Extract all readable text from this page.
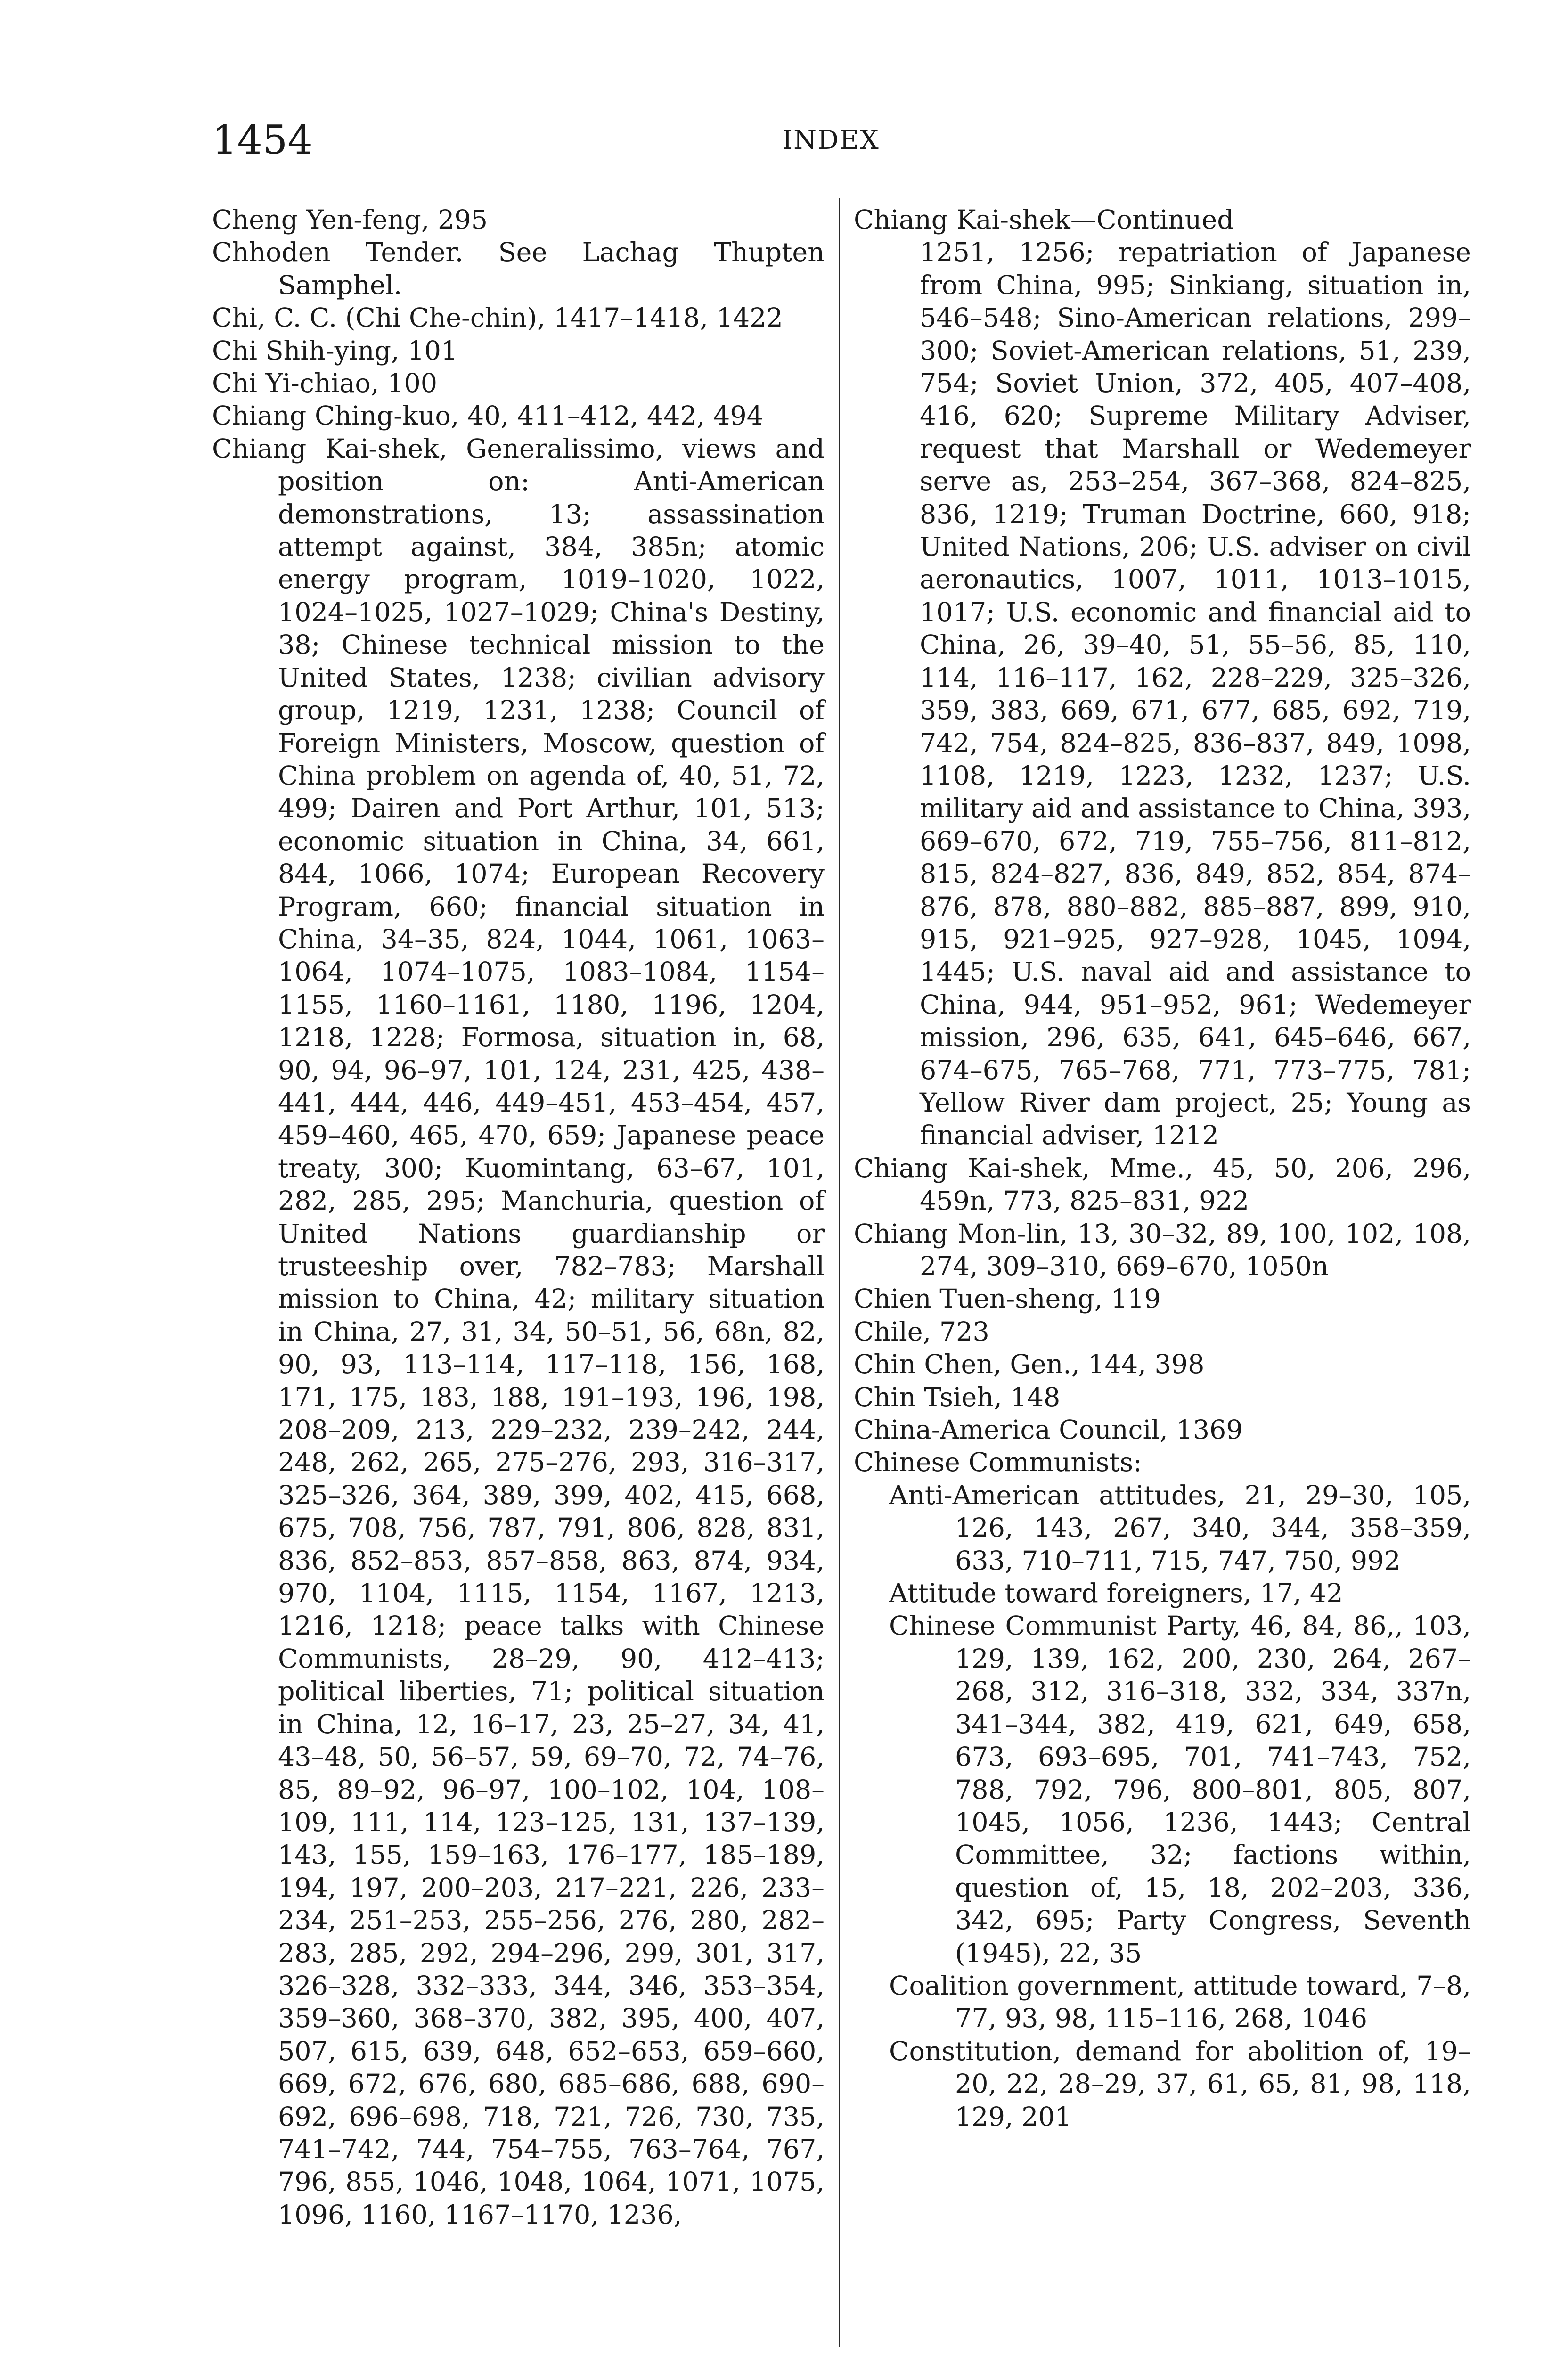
1454	INDEX

Cheng Yen-feng, 295

Chhoden Tender. See Lachag Thupten Samphel.

Chi, C. C. (Chi Che-chin), 1417–1418, 1422

Chi Shih-ying, 101

Chi Yi-chiao, 100

Chiang Ching-kuo, 40, 411–412, 442, 494

Chiang Kai-shek, Generalissimo, views and position on: Anti-American demonstrations, 13; assassination attempt against, 384, 385n; atomic energy program, 1019–1020, 1022, 1024–1025, 1027–1029; China's Destiny, 38; Chinese technical mission to the United States, 1238; civilian advisory group, 1219, 1231, 1238; Council of Foreign Ministers, Moscow, question of China problem on agenda of, 40, 51, 72, 499; Dairen and Port Arthur, 101, 513; economic situation in China, 34, 661, 844, 1066, 1074; European Recovery Program, 660; financial situation in China, 34–35, 824, 1044, 1061, 1063–1064, 1074–1075, 1083–1084, 1154–1155, 1160–1161, 1180, 1196, 1204, 1218, 1228; Formosa, situation in, 68, 90, 94, 96–97, 101, 124, 231, 425, 438–441, 444, 446, 449–451, 453–454, 457, 459–460, 465, 470, 659; Japanese peace treaty, 300; Kuomintang, 63–67, 101, 282, 285, 295; Manchuria, question of United Nations guardianship or trusteeship over, 782–783; Marshall mission to China, 42; military situation in China, 27, 31, 34, 50–51, 56, 68n, 82, 90, 93, 113–114, 117–118, 156, 168, 171, 175, 183, 188, 191–193, 196, 198, 208–209, 213, 229–232, 239–242, 244, 248, 262, 265, 275–276, 293, 316–317, 325–326, 364, 389, 399, 402, 415, 668, 675, 708, 756, 787, 791, 806, 828, 831, 836, 852–853, 857–858, 863, 874, 934, 970, 1104, 1115, 1154, 1167, 1213, 1216, 1218; peace talks with Chinese Communists, 28–29, 90, 412–413; political liberties, 71; political situation in China, 12, 16–17, 23, 25–27, 34, 41, 43–48, 50, 56–57, 59, 69–70, 72, 74–76, 85, 89–92, 96–97, 100–102, 104, 108–109, 111, 114, 123–125, 131, 137–139, 143, 155, 159–163, 176–177, 185–189, 194, 197, 200–203, 217–221, 226, 233–234, 251–253, 255–256, 276, 280, 282–283, 285, 292, 294–296, 299, 301, 317, 326–328, 332–333, 344, 346, 353–354, 359–360, 368–370, 382, 395, 400, 407, 507, 615, 639, 648, 652–653, 659–660, 669, 672, 676, 680, 685–686, 688, 690–692, 696–698, 718, 721, 726, 730, 735, 741–742, 744, 754–755, 763–764, 767, 796, 855, 1046, 1048, 1064, 1071, 1075, 1096, 1160, 1167–1170, 1236,

Chiang Kai-shek—Continued

1251, 1256; repatriation of Japanese from China, 995; Sinkiang, situation in, 546–548; Sino-American relations, 299–300; Soviet-American relations, 51, 239, 754; Soviet Union, 372, 405, 407–408, 416, 620; Supreme Military Adviser, request that Marshall or Wedemeyer serve as, 253–254, 367–368, 824–825, 836, 1219; Truman Doctrine, 660, 918; United Nations, 206; U.S. adviser on civil aeronautics, 1007, 1011, 1013–1015, 1017; U.S. economic and financial aid to China, 26, 39–40, 51, 55–56, 85, 110, 114, 116–117, 162, 228–229, 325–326, 359, 383, 669, 671, 677, 685, 692, 719, 742, 754, 824–825, 836–837, 849, 1098, 1108, 1219, 1223, 1232, 1237; U.S. military aid and assistance to China, 393, 669–670, 672, 719, 755–756, 811–812, 815, 824–827, 836, 849, 852, 854, 874–876, 878, 880–882, 885–887, 899, 910, 915, 921–925, 927–928, 1045, 1094, 1445; U.S. naval aid and assistance to China, 944, 951–952, 961; Wedemeyer mission, 296, 635, 641, 645–646, 667, 674–675, 765–768, 771, 773–775, 781; Yellow River dam project, 25; Young as financial adviser, 1212

Chiang Kai-shek, Mme., 45, 50, 206, 296, 459n, 773, 825–831, 922

Chiang Mon-lin, 13, 30–32, 89, 100, 102, 108, 274, 309–310, 669–670, 1050n

Chien Tuen-sheng, 119

Chile, 723

Chin Chen, Gen., 144, 398

Chin Tsieh, 148

China-America Council, 1369

Chinese Communists:

Anti-American attitudes, 21, 29–30, 105, 126, 143, 267, 340, 344, 358–359, 633, 710–711, 715, 747, 750, 992

Attitude toward foreigners, 17, 42

Chinese Communist Party, 46, 84, 86,, 103, 129, 139, 162, 200, 230, 264, 267–268, 312, 316–318, 332, 334, 337n, 341–344, 382, 419, 621, 649, 658, 673, 693–695, 701, 741–743, 752, 788, 792, 796, 800–801, 805, 807, 1045, 1056, 1236, 1443; Central Committee, 32; factions within, question of, 15, 18, 202–203, 336, 342, 695; Party Congress, Seventh (1945), 22, 35

Coalition government, attitude toward, 7–8, 77, 93, 98, 115–116, 268, 1046

Constitution, demand for abolition of, 19–20, 22, 28–29, 37, 61, 65, 81, 98, 118, 129, 201
